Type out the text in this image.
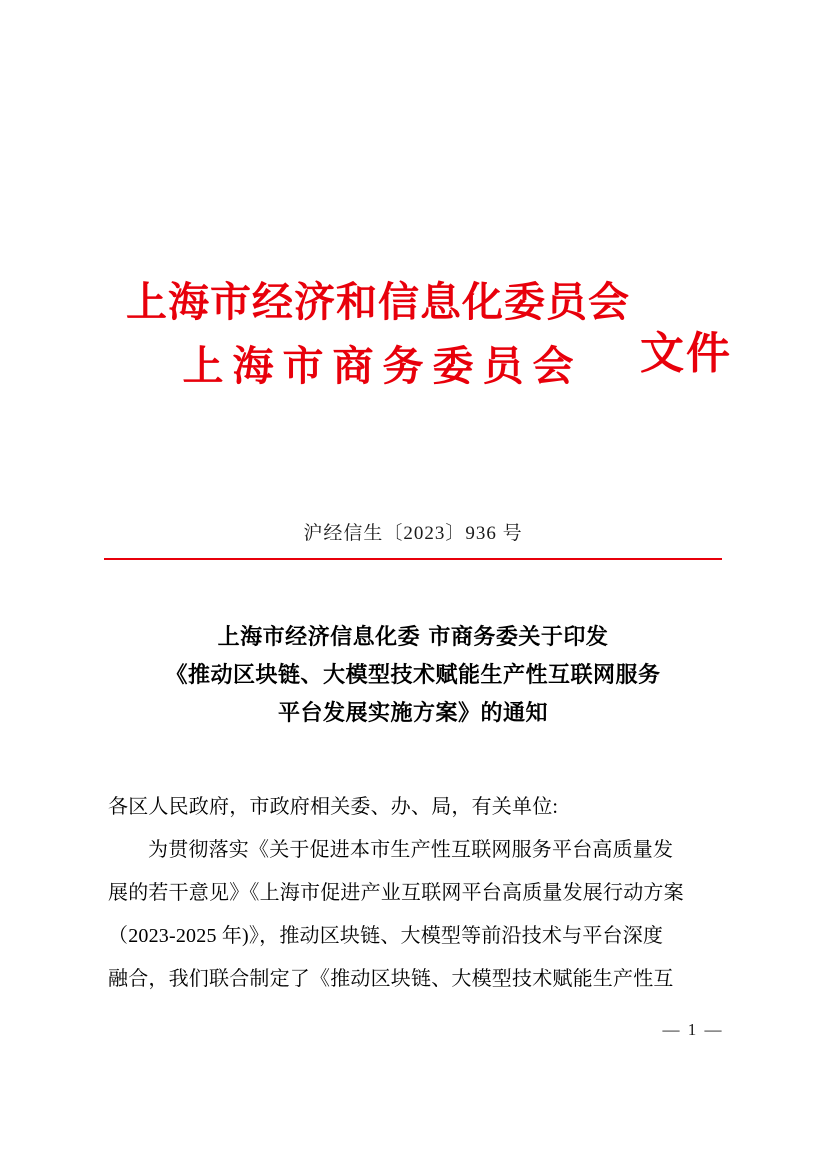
上海市经济和信息化委员会
上海市商务委员会	文件
沪经信生〔2023〕936 号
上海市经济信息化委 市商务委关于印发
《推动区块链、大模型技术赋能生产性互联网服务
平台发展实施方案》的通知
各区人民政府，市政府相关委、办、局，有关单位:
为贯彻落实《关于促进本市生产性互联网服务平台高质量发
展的若干意见》《上海市促进产业互联网平台高质量发展行动方案
（2023-2025 年)》，推动区块链、大模型等前沿技术与平台深度
融合，我们联合制定了《推动区块链、大模型技术赋能生产性互
— 1 —
